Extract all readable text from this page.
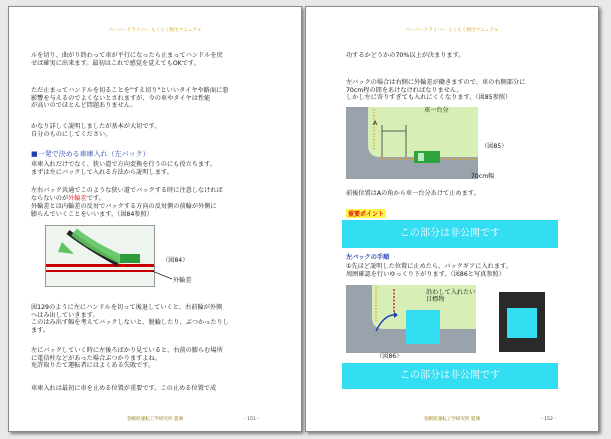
ペーパードライバー らくらく脱出マニュアル
ルを切り、曲がり終わって車が平行になったら止まってハンドルを戻
せば確実に出来ます。最初はこれで感覚を覚えてもOKです。
ただ止まってハンドルを切ることを"すえ切り"といいタイヤや路面に悪
影響を与えるのでよくないとされますが、今の車やタイヤは性能
が高いのでほとんど問題ありません。
かなり詳しく説明しましたが基本が大切です。
自分のものにしてください。
■一発で決める車庫入れ（左バック）
車庫入れだけでなく、狭い道で方向変換を行うのにも役立ちます。
まずは左にバックして入れる方法から説明します。
左右バック共通でこのような狭い道でバックする時に注意しなければ
ならないのが外輪差です。
外輪差とは内輪差の反対でバックする方向の反対側の前輪が外側に
膨らんでいくことをいいます。（図84参照）
（図84）
外輪差
図129のように左にハンドルを切って後退していくと、右前輪が外側
へはみ出していきます。
このはみ出す幅を考えてバックしないと、脱輪したり、ぶつかったりし
ます。
左にバックしていく時に左後ろばかり見ていると、右前の膨らむ場所
に電信柱などがあった場合ぶつかりますよね。
免許取りたて運転者にはよくある失敗です。
車庫入れは最初に車を止める位置が重要です。この止める位置で成
金剛原運転工学研究所 監修	- 151 -
ペーパードライバー らくらく脱出マニュアル
功するかどうかの70%以上が決まります。
左バックの場合は右側に外輪差が働きますので、車の右側部分に
70cm程の間をあけなければなりません。
しかし左に寄りすぎても入れにくくなります。（図85参照）
A
車一台分
（図85）
70cm幅
前後位置はAの角から車一台分あけて止めます。
重要ポイント
この部分は非公開です
左バックの手順
①先ほど説明した位置に止めたら、バックギアに入れます。
周囲確認を行いゆっくり下がります。（図86と写真参照）
沿わして入れたい
目標物
（図86）
この部分は非公開です
金剛原運転工学研究所 監修	- 152 -
